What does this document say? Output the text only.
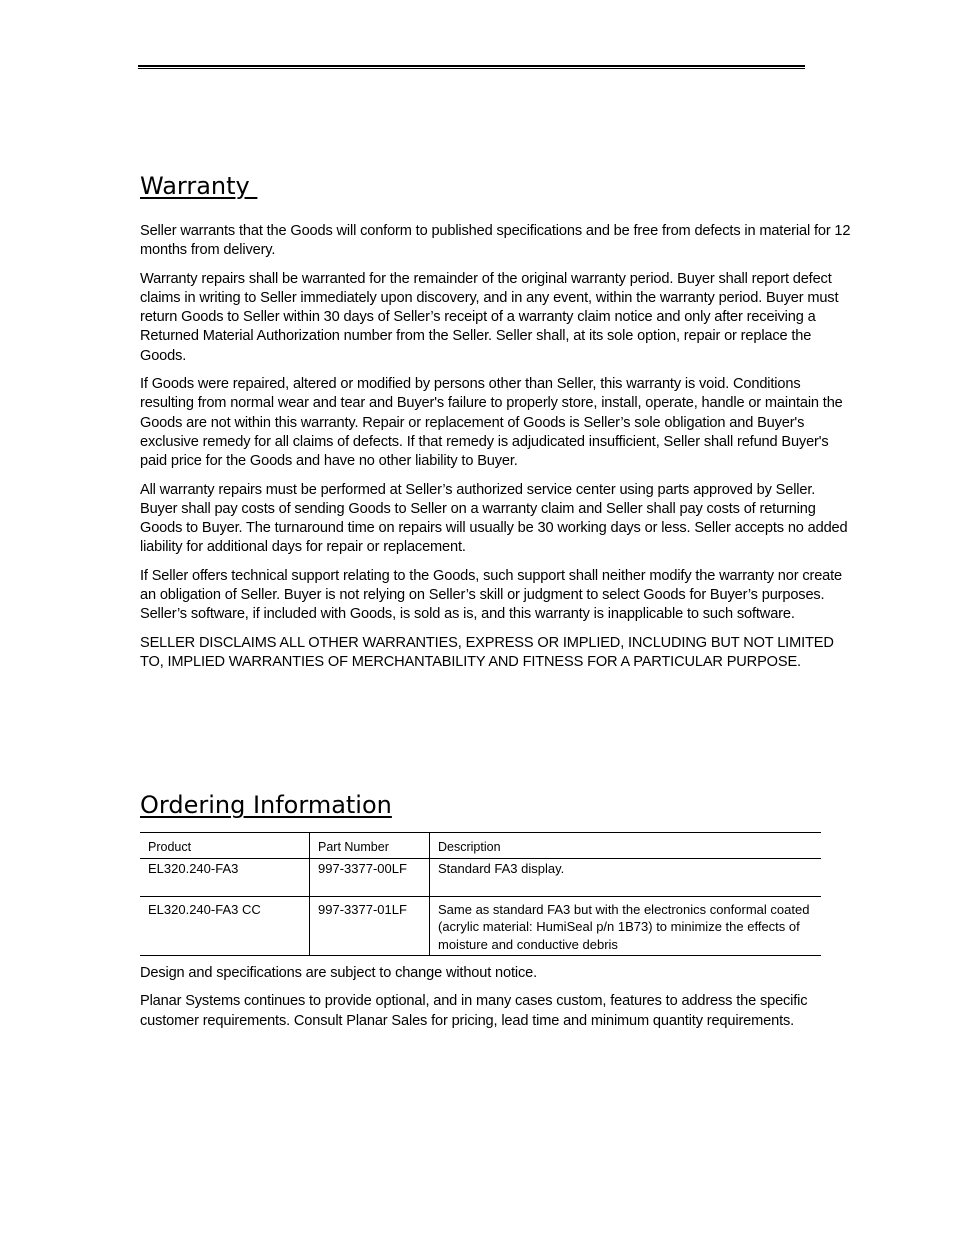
Warranty

Seller warrants that the Goods will conform to published specifications and be free from defects in material for 12 months from delivery.

Warranty repairs shall be warranted for the remainder of the original warranty period. Buyer shall report defect claims in writing to Seller immediately upon discovery, and in any event, within the warranty period. Buyer must return Goods to Seller within 30 days of Seller’s receipt of a warranty claim notice and only after receiving a Returned Material Authorization number from the Seller. Seller shall, at its sole option, repair or replace the Goods.

If Goods were repaired, altered or modified by persons other than Seller, this warranty is void. Conditions resulting from normal wear and tear and Buyer's failure to properly store, install, operate, handle or maintain the Goods are not within this warranty. Repair or replacement of Goods is Seller’s sole obligation and Buyer's exclusive remedy for all claims of defects. If that remedy is adjudicated insufficient, Seller shall refund Buyer's paid price for the Goods and have no other liability to Buyer.

All warranty repairs must be performed at Seller’s authorized service center using parts approved by Seller. Buyer shall pay costs of sending Goods to Seller on a warranty claim and Seller shall pay costs of returning Goods to Buyer. The turnaround time on repairs will usually be 30 working days or less. Seller accepts no added liability for additional days for repair or replacement.

If Seller offers technical support relating to the Goods, such support shall neither modify the warranty nor create an obligation of Seller. Buyer is not relying on Seller’s skill or judgment to select Goods for Buyer’s purposes. Seller’s software, if included with Goods, is sold as is, and this warranty is inapplicable to such software.

SELLER DISCLAIMS ALL OTHER WARRANTIES, EXPRESS OR IMPLIED, INCLUDING BUT NOT LIMITED TO, IMPLIED WARRANTIES OF MERCHANTABILITY AND FITNESS FOR A PARTICULAR PURPOSE.

Ordering Information
Product	Part Number	Description
EL320.240-FA3	997-3377-00LF	Standard FA3 display.
EL320.240-FA3 CC	997-3377-01LF	Same as standard FA3 but with the electronics conformal coated (acrylic material: HumiSeal p/n 1B73) to minimize the effects of moisture and conductive debris

Design and specifications are subject to change without notice.

Planar Systems continues to provide optional, and in many cases custom, features to address the specific customer requirements. Consult Planar Sales for pricing, lead time and minimum quantity requirements.
